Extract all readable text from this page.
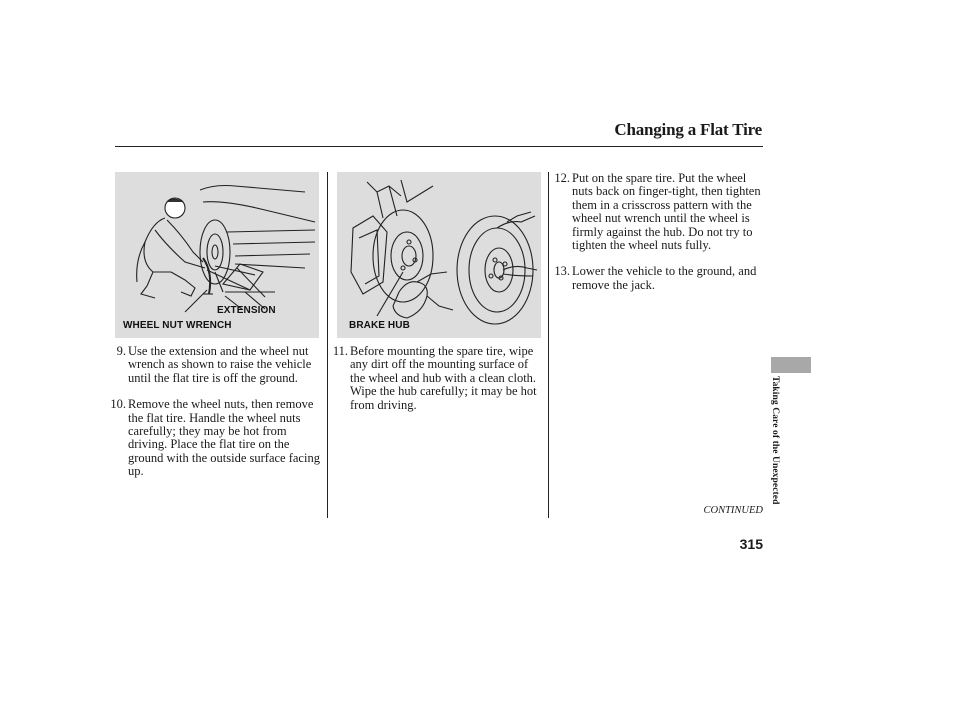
Changing a Flat Tire
EXTENSION
WHEEL NUT WRENCH	BRAKE HUB
9. Use the extension and the wheel nut wrench as shown to raise the vehicle until the flat tire is off the ground.
10. Remove the wheel nuts, then remove the flat tire. Handle the wheel nuts carefully; they may be hot from driving. Place the flat tire on the ground with the outside surface facing up.
11. Before mounting the spare tire, wipe any dirt off the mounting surface of the wheel and hub with a clean cloth. Wipe the hub carefully; it may be hot from driving.
12. Put on the spare tire. Put the wheel nuts back on finger-tight, then tighten them in a crisscross pattern with the wheel nut wrench until the wheel is firmly against the hub. Do not try to tighten the wheel nuts fully.
13. Lower the vehicle to the ground, and remove the jack.
CONTINUED
315
Taking Care of the Unexpected
